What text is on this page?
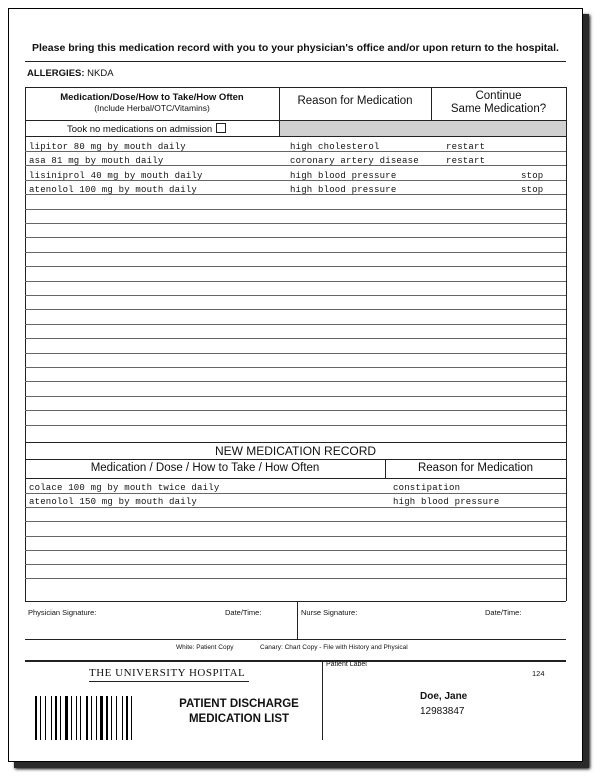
Please bring this medication record with you to your physician's office and/or upon return to the hospital.
ALLERGIES: NKDA
Medication/Dose/How to Take/How Often
(Include Herbal/OTC/Vitamins)
Reason for Medication	Continue
Same Medication?
Took no medications on admission
lipitor 80 mg by mouth daily	high cholesterol	restart
asa 81 mg by mouth daily	coronary artery disease	restart
lisiniprol 40 mg by mouth daily	high blood pressure	stop
atenolol 100 mg by mouth daily	high blood pressure	stop
NEW MEDICATION RECORD
Medication / Dose / How to Take / How Often	Reason for Medication
colace 100 mg by mouth twice daily	constipation
atenolol 150 mg by mouth daily	high blood pressure
Physician Signature:	Date/Time:	Nurse Signature:	Date/Time:
White: Patient Copy	Canary: Chart Copy - File with History and Physical
Patient Label
124
THE UNIVERSITY HOSPITAL
PATIENT DISCHARGE
MEDICATION LIST
Doe, Jane
12983847
